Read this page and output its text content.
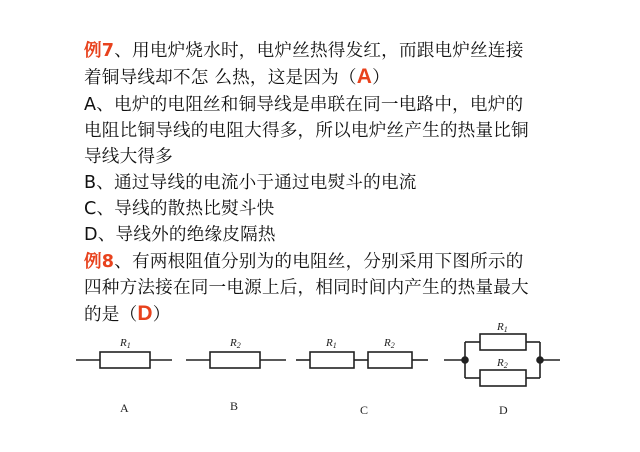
例7、用电炉烧水时，电炉丝热得发红，而跟电炉丝连接
着铜导线却不怎 么热，这是因为（A）
A、电炉的电阻丝和铜导线是串联在同一电路中，电炉的
电阻比铜导线的电阻大得多，所以电炉丝产生的热量比铜
导线大得多
B、通过导线的电流小于通过电熨斗的电流
C、导线的散热比熨斗快
D、导线外的绝缘皮隔热
例8、有两根阻值分别为的电阻丝，分别采用下图所示的
四种方法接在同一电源上后，相同时间内产生的热量最大
的是（D）
R1	R2	R1	R2
R1
R2
A	B	C	D
